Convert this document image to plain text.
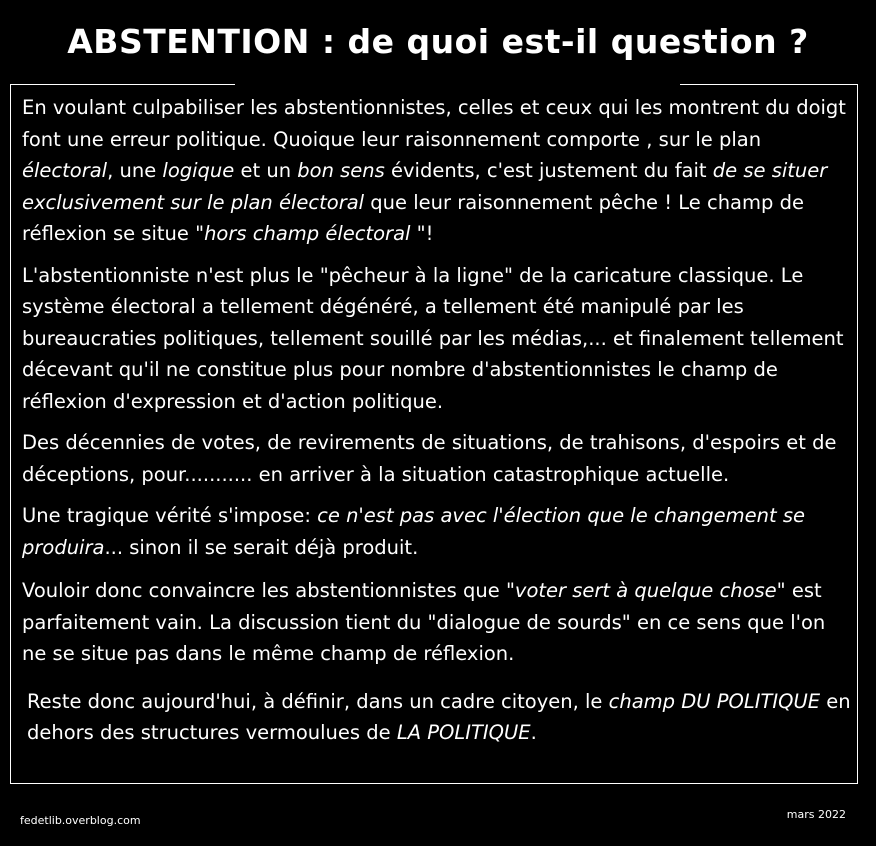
ABSTENTION : de quoi est-il question ?

En voulant culpabiliser les abstentionnistes, celles et ceux qui les montrent du doigt font une erreur politique. Quoique leur raisonnement comporte , sur le plan électoral, une logique et un bon sens évidents, c'est justement du fait de se situer exclusivement sur le plan électoral que leur raisonnement pêche ! Le champ de réflexion se situe "hors champ électoral "!

L'abstentionniste n'est plus le "pêcheur à la ligne" de la caricature classique. Le système électoral a tellement dégénéré, a tellement été manipulé par les bureaucraties politiques, tellement souillé par les médias,... et finalement tellement décevant qu'il ne constitue plus pour nombre d'abstentionnistes le champ de réflexion d'expression et d'action politique.

Des décennies de votes, de revirements de situations, de trahisons, d'espoirs et de déceptions, pour........... en arriver à la situation catastrophique actuelle.

Une tragique vérité s'impose: ce n'est pas avec l'élection que le changement se produira... sinon il se serait déjà produit.

Vouloir donc convaincre les abstentionnistes que "voter sert à quelque chose" est parfaitement vain. La discussion tient du "dialogue de sourds" en ce sens que l'on ne se situe pas dans le même champ de réflexion.

Reste donc aujourd'hui, à définir, dans un cadre citoyen, le champ DU POLITIQUE en dehors des structures vermoulues de LA POLITIQUE.

fedetlib.overblog.com	mars 2022
